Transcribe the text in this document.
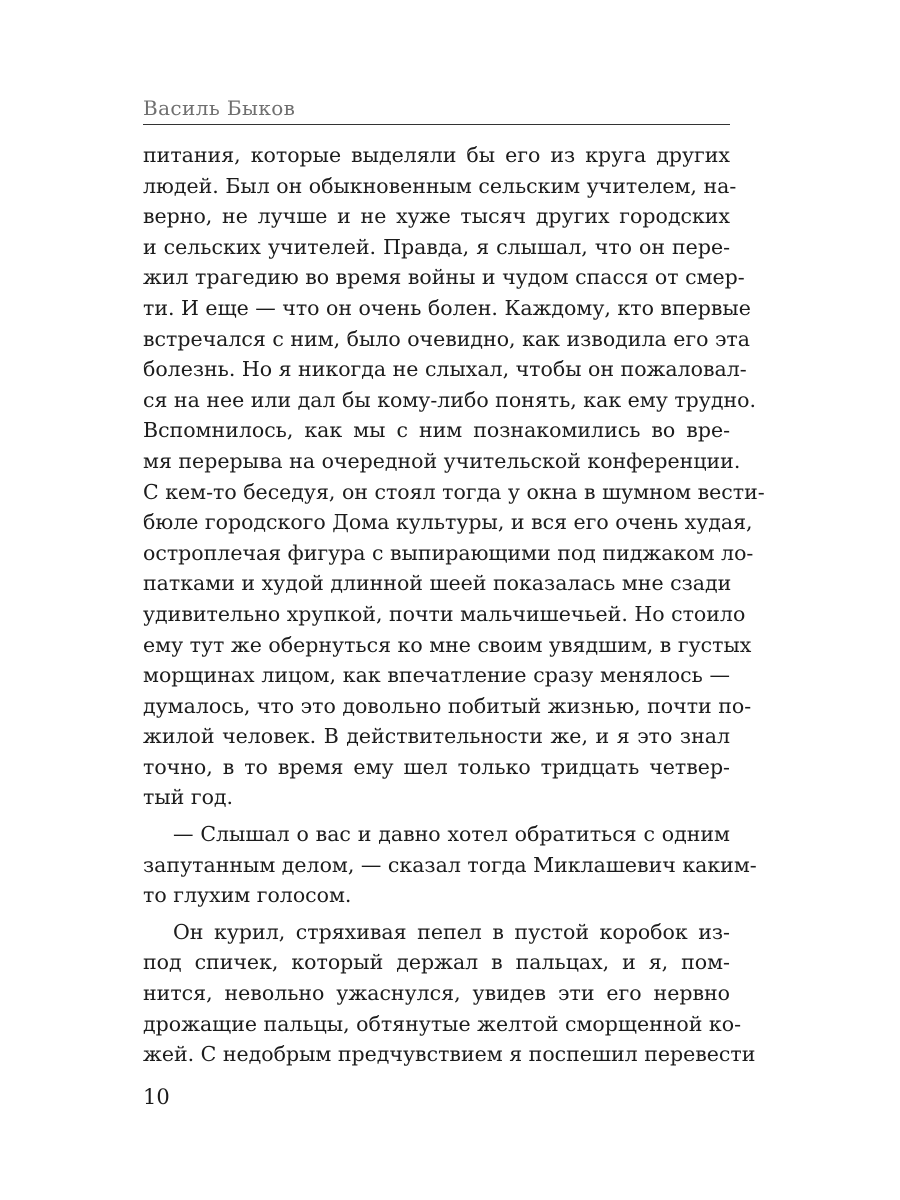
Василь Быков
питания, которые выделяли бы его из круга других
людей. Был он обыкновенным сельским учителем, на-
верно, не лучше и не хуже тысяч других городских
и сельских учителей. Правда, я слышал, что он пере-
жил трагедию во время войны и чудом спасся от смер-
ти. И еще — что он очень болен. Каждому, кто впервые
встречался с ним, было очевидно, как изводила его эта
болезнь. Но я никогда не слыхал, чтобы он пожаловал-
ся на нее или дал бы кому-либо понять, как ему трудно.
Вспомнилось, как мы с ним познакомились во вре-
мя перерыва на очередной учительской конференции.
С кем-то беседуя, он стоял тогда у окна в шумном вести-
бюле городского Дома культуры, и вся его очень худая,
остроплечая фигура с выпирающими под пиджаком ло-
патками и худой длинной шеей показалась мне сзади
удивительно хрупкой, почти мальчишечьей. Но стоило
ему тут же обернуться ко мне своим увядшим, в густых
морщинах лицом, как впечатление сразу менялось —
думалось, что это довольно побитый жизнью, почти по-
жилой человек. В действительности же, и я это знал
точно, в то время ему шел только тридцать четвер-
тый год.
— Слышал о вас и давно хотел обратиться с одним
запутанным делом, — сказал тогда Миклашевич каким-
то глухим голосом.
Он курил, стряхивая пепел в пустой коробок из-
под спичек, который держал в пальцах, и я, пом-
нится, невольно ужаснулся, увидев эти его нервно
дрожащие пальцы, обтянутые желтой сморщенной ко-
жей. С недобрым предчувствием я поспешил перевести
10
